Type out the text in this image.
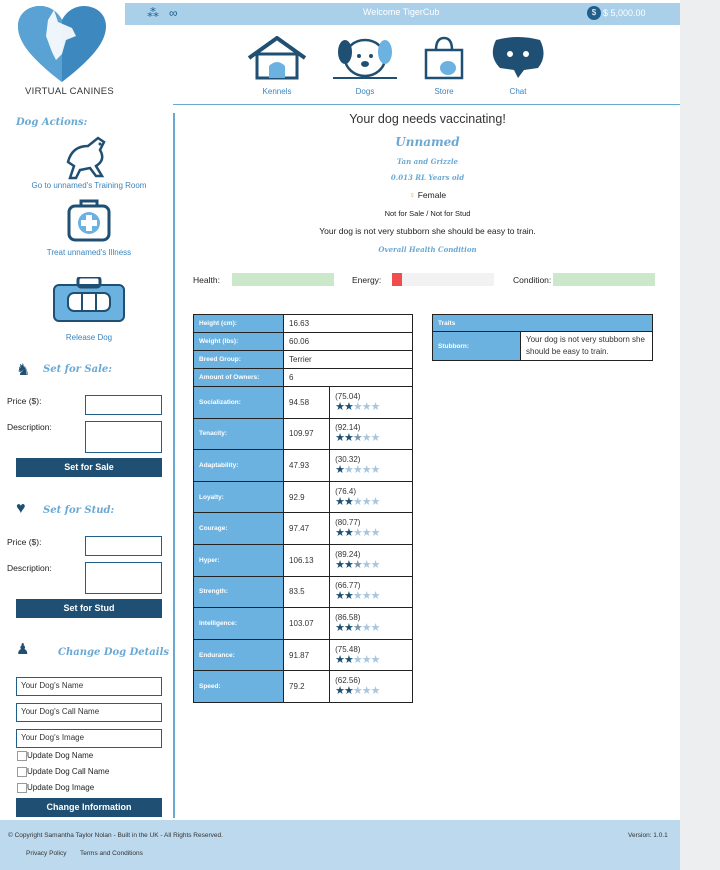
⁂ ∞	Welcome TigerCub	$ $ 5,000.00
VIRTUAL CANINES	Kennels	Dogs	Store	Chat
Dog Actions:
Go to unnamed's Training Room
Treat unnamed's Illness
Release Dog
♞ Set for Sale:
Price ($):
Description:
Set for Sale
♥ Set for Stud:
Price ($):
Description:
Set for Stud
♟	Change Dog Details
Your Dog's Name
Your Dog's Call Name
Your Dog's Image
Update Dog Name
Update Dog Call Name
Update Dog Image
Change Information
Your dog needs vaccinating!
Unnamed
Tan and Grizzle
0.013 RL Years old
♀ Female
Not for Sale / Not for Stud
Your dog is not very stubborn she should be easy to train.
Overall Health Condition
Health:	Energy:	Condition:
Height (cm):	16.63	
Weight (lbs):	60.06	
Breed Group:	Terrier	
Amount of Owners:	6	
Socialization:	94.58	(75.04)
★★★★★

Tenacity:	109.97	(92.14)
★★★★★

Adaptability:	47.93	(30.32)
★★★★★

Loyalty:	92.9	(76.4)
★★★★★

Courage:	97.47	(80.77)
★★★★★

Hyper:	106.13	(89.24)
★★★★★

Strength:	83.5	(66.77)
★★★★★

Intelligence:	103.07	(86.58)
★★★★★

Endurance:	91.87	(75.48)
★★★★★

Speed:	79.2	(62.56)
★★★★★
Traits
Stubborn:	Your dog is not very stubborn she should be easy to train.
© Copyright Samantha Taylor Nolan - Built in the UK - All Rights Reserved.	Version: 1.0.1
Privacy Policy Terms and Conditions
